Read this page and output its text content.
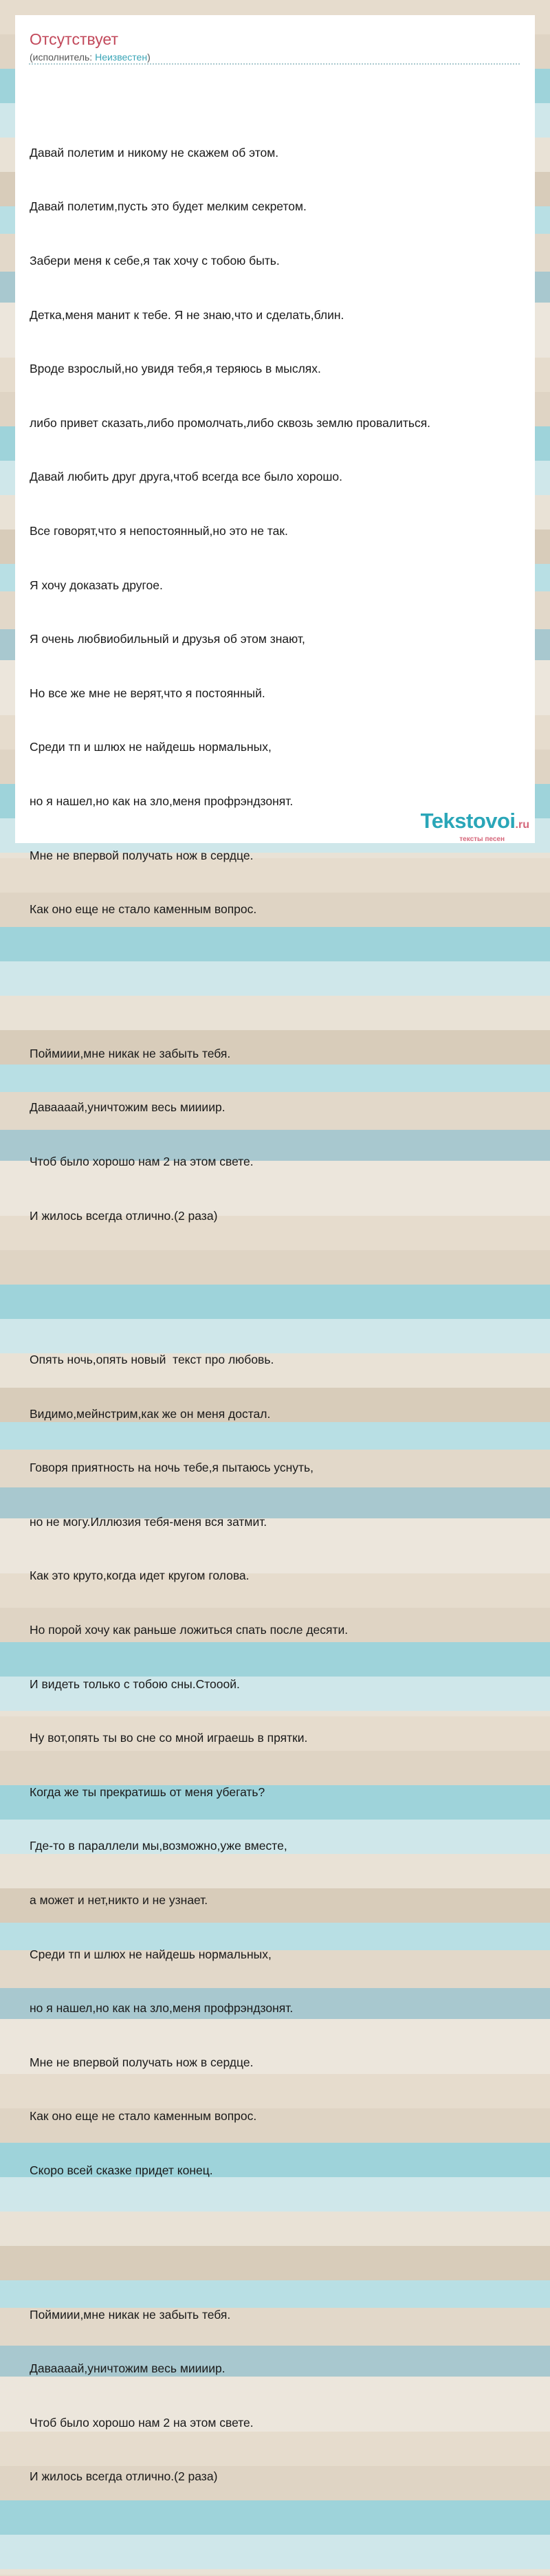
Отсутствует
(исполнитель: Неизвестен)

Давай полетим и никому не скажем об этом.

Давай полетим,пусть это будет мелким секретом.

Забери меня к себе,я так хочу с тобою быть.

Детка,меня манит к тебе. Я не знаю,что и сделать,блин.

Вроде взрослый,но увидя тебя,я теряюсь в мыслях.

либо привет сказать,либо промолчать,либо сквозь землю провалиться.

Давай любить друг друга,чтоб всегда все было хорошо.

Все говорят,что я непостоянный,но это не так.

Я хочу доказать другое.

Я очень любвиобильный и друзья об этом знают,

Но все же мне не верят,что я постоянный.

Среди тп и шлюх не найдешь нормальных,

но я нашел,но как на зло,меня профрэндзонят.

Мне не впервой получать нож в сердце.

Как оно еще не стало каменным вопрос.

Поймиии,мне никак не забыть тебя.

Даваааай,уничтожим весь миииир.

Чтоб было хорошо нам 2 на этом свете.

И жилось всегда отлично.(2 раза)

Опять ночь,опять новый  текст про любовь.

Видимо,мейнстрим,как же он меня достал.

Говоря приятность на ночь тебе,я пытаюсь уснуть,

но не могу.Иллюзия тебя-меня вся затмит.

Как это круто,когда идет кругом голова.

Но порой хочу как раньше ложиться спать после десяти.

И видеть только с тобою сны.Стооой.

Ну вот,опять ты во сне со мной играешь в прятки.

Когда же ты прекратишь от меня убегать?

Где-то в параллели мы,возможно,уже вместе,

а может и нет,никто и не узнает.

Среди тп и шлюх не найдешь нормальных,

но я нашел,но как на зло,меня профрэндзонят.

Мне не впервой получать нож в сердце.

Как оно еще не стало каменным вопрос.

Скоро всей сказке придет конец.

Поймиии,мне никак не забыть тебя.

Даваааай,уничтожим весь миииир.

Чтоб было хорошо нам 2 на этом свете.

И жилось всегда отлично.(2 раза)

Tekstovoi.ru
тексты песен
